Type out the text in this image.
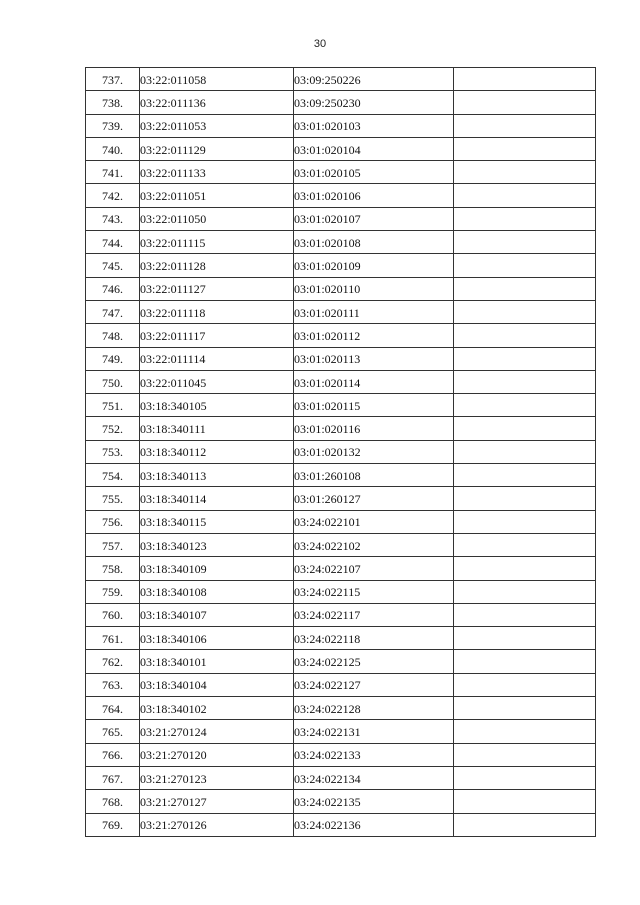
30
737.	03:22:011058	03:09:250226	
738.	03:22:011136	03:09:250230	
739.	03:22:011053	03:01:020103	
740.	03:22:011129	03:01:020104	
741.	03:22:011133	03:01:020105	
742.	03:22:011051	03:01:020106	
743.	03:22:011050	03:01:020107	
744.	03:22:011115	03:01:020108	
745.	03:22:011128	03:01:020109	
746.	03:22:011127	03:01:020110	
747.	03:22:011118	03:01:020111	
748.	03:22:011117	03:01:020112	
749.	03:22:011114	03:01:020113	
750.	03:22:011045	03:01:020114	
751.	03:18:340105	03:01:020115	
752.	03:18:340111	03:01:020116	
753.	03:18:340112	03:01:020132	
754.	03:18:340113	03:01:260108	
755.	03:18:340114	03:01:260127	
756.	03:18:340115	03:24:022101	
757.	03:18:340123	03:24:022102	
758.	03:18:340109	03:24:022107	
759.	03:18:340108	03:24:022115	
760.	03:18:340107	03:24:022117	
761.	03:18:340106	03:24:022118	
762.	03:18:340101	03:24:022125	
763.	03:18:340104	03:24:022127	
764.	03:18:340102	03:24:022128	
765.	03:21:270124	03:24:022131	
766.	03:21:270120	03:24:022133	
767.	03:21:270123	03:24:022134	
768.	03:21:270127	03:24:022135	
769.	03:21:270126	03:24:022136	
